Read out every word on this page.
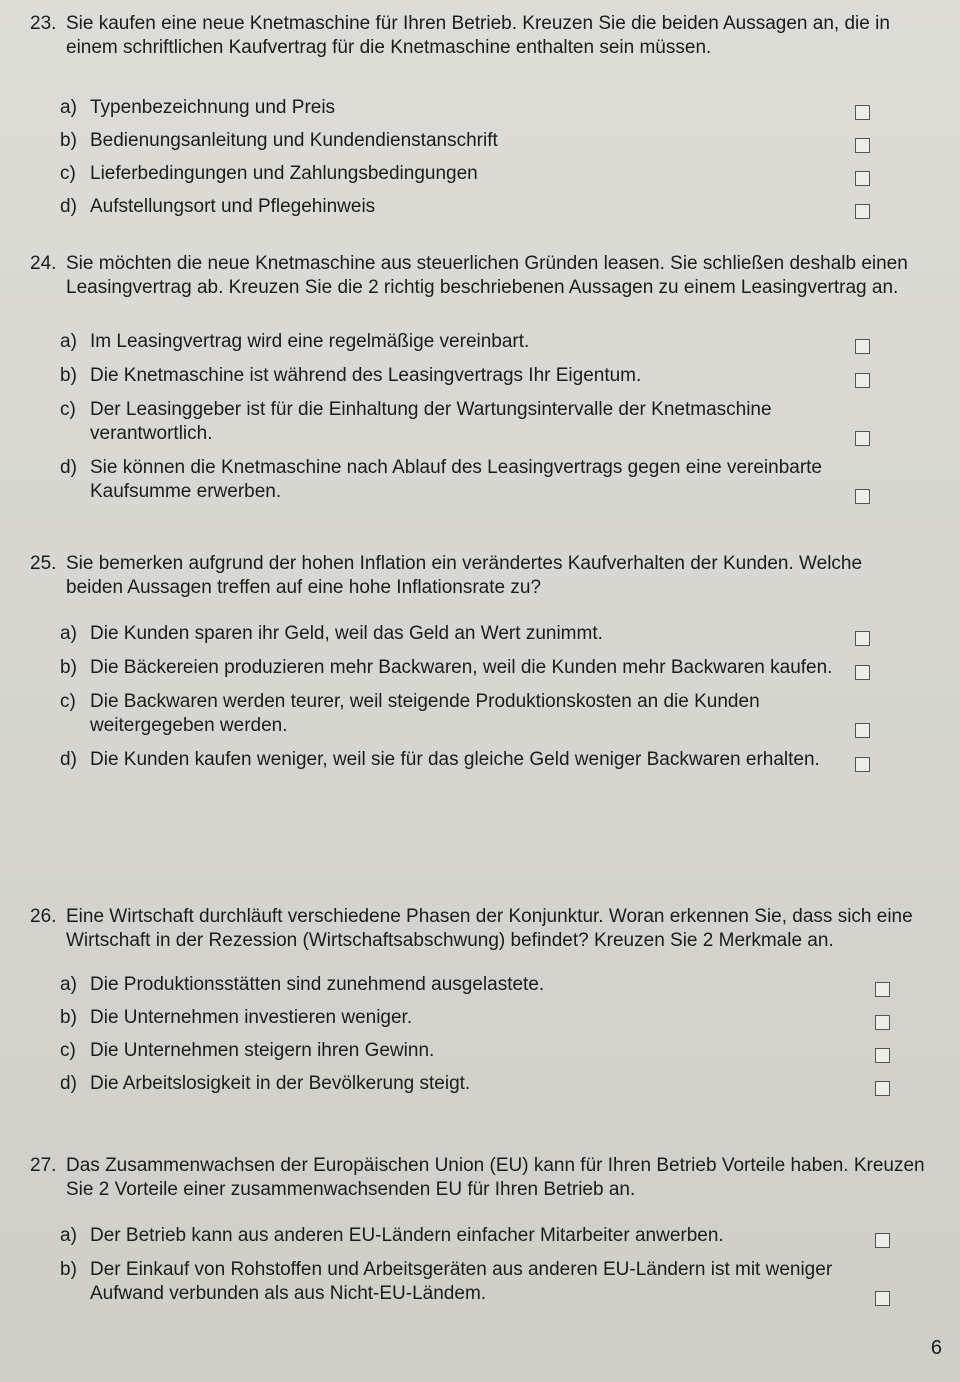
23. Sie kaufen eine neue Knetmaschine für Ihren Betrieb. Kreuzen Sie die beiden Aussagen an, die in einem schriftlichen Kaufvertrag für die Knetmaschine enthalten sein müssen.

a) Typenbezeichnung und Preis
b) Bedienungsanleitung und Kundendienstanschrift
c) Lieferbedingungen und Zahlungsbedingungen
d) Aufstellungsort und Pflegehinweis

24. Sie möchten die neue Knetmaschine aus steuerlichen Gründen leasen. Sie schließen deshalb einen Leasingvertrag ab. Kreuzen Sie die 2 richtig beschriebenen Aussagen zu einem Leasingvertrag an.

a) Im Leasingvertrag wird eine regelmäßige vereinbart.
b) Die Knetmaschine ist während des Leasingvertrags Ihr Eigentum.
c) Der Leasinggeber ist für die Einhaltung der Wartungsintervalle der Knetmaschine verantwortlich.
d) Sie können die Knetmaschine nach Ablauf des Leasingvertrags gegen eine vereinbarte Kaufsumme erwerben.

25. Sie bemerken aufgrund der hohen Inflation ein verändertes Kaufverhalten der Kunden. Welche beiden Aussagen treffen auf eine hohe Inflationsrate zu?

a) Die Kunden sparen ihr Geld, weil das Geld an Wert zunimmt.
b) Die Bäckereien produzieren mehr Backwaren, weil die Kunden mehr Backwaren kaufen.
c) Die Backwaren werden teurer, weil steigende Produktionskosten an die Kunden weitergegeben werden.
d) Die Kunden kaufen weniger, weil sie für das gleiche Geld weniger Backwaren erhalten.

26. Eine Wirtschaft durchläuft verschiedene Phasen der Konjunktur. Woran erkennen Sie, dass sich eine Wirtschaft in der Rezession (Wirtschaftsabschwung) befindet? Kreuzen Sie 2 Merkmale an.

a) Die Produktionsstätten sind zunehmend ausgelastete.
b) Die Unternehmen investieren weniger.
c) Die Unternehmen steigern ihren Gewinn.
d) Die Arbeitslosigkeit in der Bevölkerung steigt.

27. Das Zusammenwachsen der Europäischen Union (EU) kann für Ihren Betrieb Vorteile haben. Kreuzen Sie 2 Vorteile einer zusammenwachsenden EU für Ihren Betrieb an.

a) Der Betrieb kann aus anderen EU-Ländern einfacher Mitarbeiter anwerben.
b) Der Einkauf von Rohstoffen und Arbeitsgeräten aus anderen EU-Ländern ist mit weniger Aufwand verbunden als aus Nicht-EU-Ländem.
6
